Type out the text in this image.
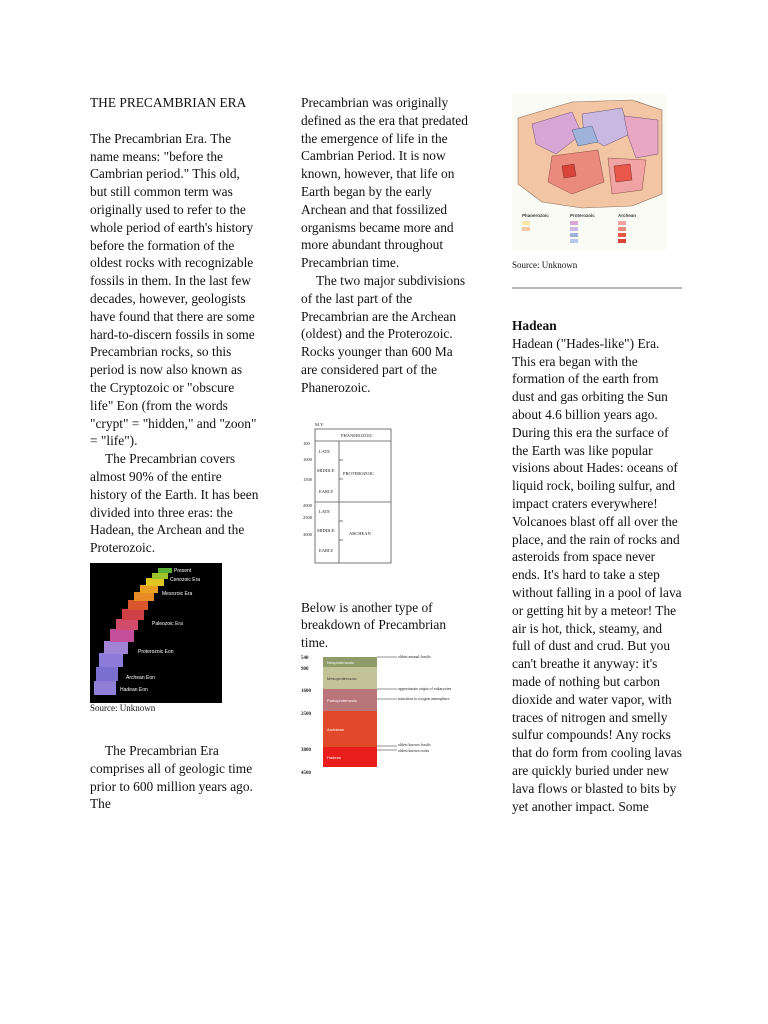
THE PRECAMBRIAN ERA

The Precambrian Era. The name means: "before the Cambrian period." This old, but still common term was originally used to refer to the whole period of earth's history before the formation of the oldest rocks with recognizable fossils in them. In the last few decades, however, geologists have found that there are some hard-to-discern fossils in some Precambrian rocks, so this period is now also known as the Cryptozoic or "obscure life" Eon (from the words "crypt" = "hidden," and "zoon" = "life").

The Precambrian covers almost 90% of the entire history of the Earth. It has been divided into three eras: the Hadean, the Archean and the Proterozoic.

Present
Cenozoic Era
Mesozoic Era
Paleozoic Era
Proterozoic Eon
Archean Eon
Hadean Eon

Source: Unknown

The Precambrian Era comprises all of geologic time prior to 600 million years ago. The

Precambrian was originally defined as the era that predated the emergence of life in the Cambrian Period. It is now known, however, that life on Earth began by the early Archean and that fossilized organisms became more and more abundant throughout Precambrian time.

The two major subdivisions of the last part of the Precambrian are the Archean (oldest) and the Proterozoic. Rocks younger than 600 Ma are considered part of the Phanerozoic.

M.Y.
PHANEROZOIC
100
1000
1500
2000
2500
3000
LATE
MIDDLE
EARLY
LATE
MIDDLE
EARLY
PROTEROZOIC
ARCHEAN

Below is another type of breakdown of Precambrian time.

Neoproterozoic
Mesoproterozoic
Paleoproterozoic
Archaean
Hadean
540
900
1600
2500
3800
4500
oldest animal fossils
approximate origin of eukaryotes
transition to oxygen atmosphere
oldest known fossils
oldest known rocks
Phanerozoic	Proterozoic	Archean

Source: Unknown

Hadean

Hadean ("Hades-like") Era. This era began with the formation of the earth from dust and gas orbiting the Sun about 4.6 billion years ago. During this era the surface of the Earth was like popular visions about Hades: oceans of liquid rock, boiling sulfur, and impact craters everywhere! Volcanoes blast off all over the place, and the rain of rocks and asteroids from space never ends. It's hard to take a step without falling in a pool of lava or getting hit by a meteor! The air is hot, thick, steamy, and full of dust and crud. But you can't breathe it anyway: it's made of nothing but carbon dioxide and water vapor, with traces of nitrogen and smelly sulfur compounds! Any rocks that do form from cooling lavas are quickly buried under new lava flows or blasted to bits by yet another impact. Some
